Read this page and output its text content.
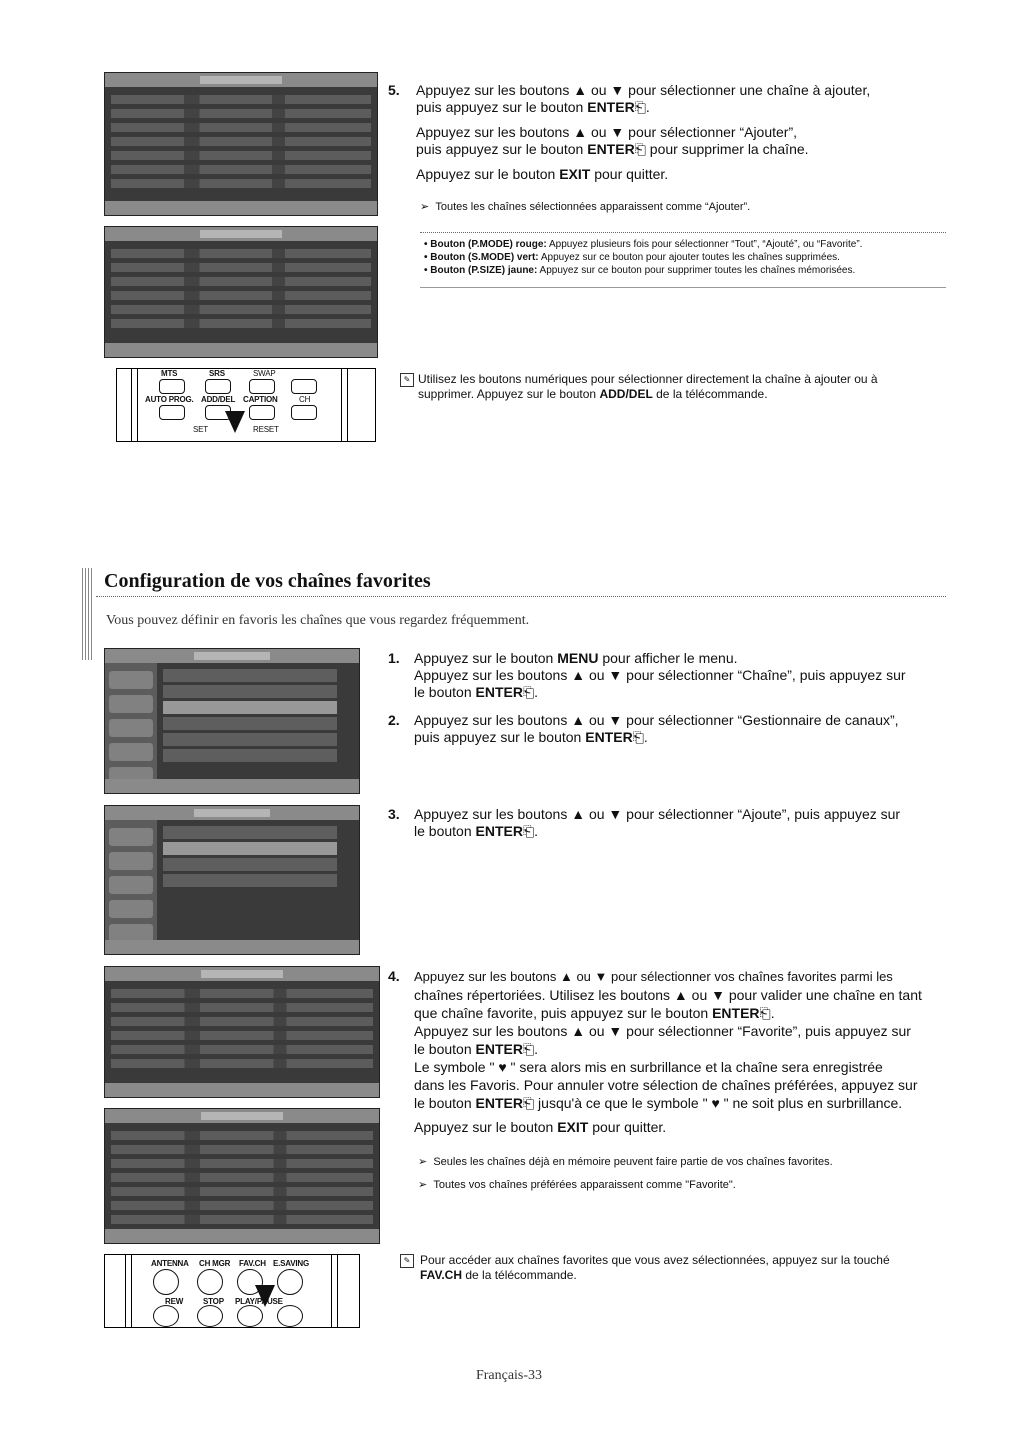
MTS	SRS	SWAP
AUTO PROG. ADD/DEL CAPTION	CH
SET	RESET
5. Appuyez sur les boutons ▲ ou ▼ pour sélectionner une chaîne à ajouter,
puis appuyez sur le bouton ENTER⎗.
Appuyez sur les boutons ▲ ou ▼ pour sélectionner “Ajouter”,
puis appuyez sur le bouton ENTER⎗ pour supprimer la chaîne.
Appuyez sur le bouton EXIT pour quitter.
➢ Toutes les chaînes sélectionnées apparaissent comme “Ajouter”.
• Bouton (P.MODE) rouge: Appuyez plusieurs fois pour sélectionner “Tout”, “Ajouté”, ou “Favorite”.
• Bouton (S.MODE) vert: Appuyez sur ce bouton pour ajouter toutes les chaînes supprimées.
• Bouton (P.SIZE) jaune: Appuyez sur ce bouton pour supprimer toutes les chaînes mémorisées.
✎ Utilisez les boutons numériques pour sélectionner directement la chaîne à ajouter ou à
supprimer. Appuyez sur le bouton ADD/DEL de la télécommande.
Configuration de vos chaînes favorites
Vous pouvez définir en favoris les chaînes que vous regardez fréquemment.
ANTENNA CH MGR FAV.CH E.SAVING
REW STOP PLAY/PAUSE
1. Appuyez sur le bouton MENU pour afficher le menu.
Appuyez sur les boutons ▲ ou ▼ pour sélectionner “Chaîne”, puis appuyez sur
le bouton ENTER⎗.
2. Appuyez sur les boutons ▲ ou ▼ pour sélectionner “Gestionnaire de canaux”,
puis appuyez sur le bouton ENTER⎗.
3. Appuyez sur les boutons ▲ ou ▼ pour sélectionner “Ajoute”, puis appuyez sur
le bouton ENTER⎗.
4. Appuyez sur les boutons ▲ ou ▼ pour sélectionner vos chaînes favorites parmi les
chaînes répertoriées. Utilisez les boutons ▲ ou ▼ pour valider une chaîne en tant
que chaîne favorite, puis appuyez sur le bouton ENTER⎗.
Appuyez sur les boutons ▲ ou ▼ pour sélectionner “Favorite”, puis appuyez sur
le bouton ENTER⎗.
Le symbole " ♥ " sera alors mis en surbrillance et la chaîne sera enregistrée
dans les Favoris. Pour annuler votre sélection de chaînes préférées, appuyez sur
le bouton ENTER⎗ jusqu'à ce que le symbole " ♥ " ne soit plus en surbrillance.
Appuyez sur le bouton EXIT pour quitter.
➢ Seules les chaînes déjà en mémoire peuvent faire partie de vos chaînes favorites.
➢ Toutes vos chaînes préférées apparaissent comme "Favorite".
✎ Pour accéder aux chaînes favorites que vous avez sélectionnées, appuyez sur la touché
FAV.CH de la télécommande.
Français-33
